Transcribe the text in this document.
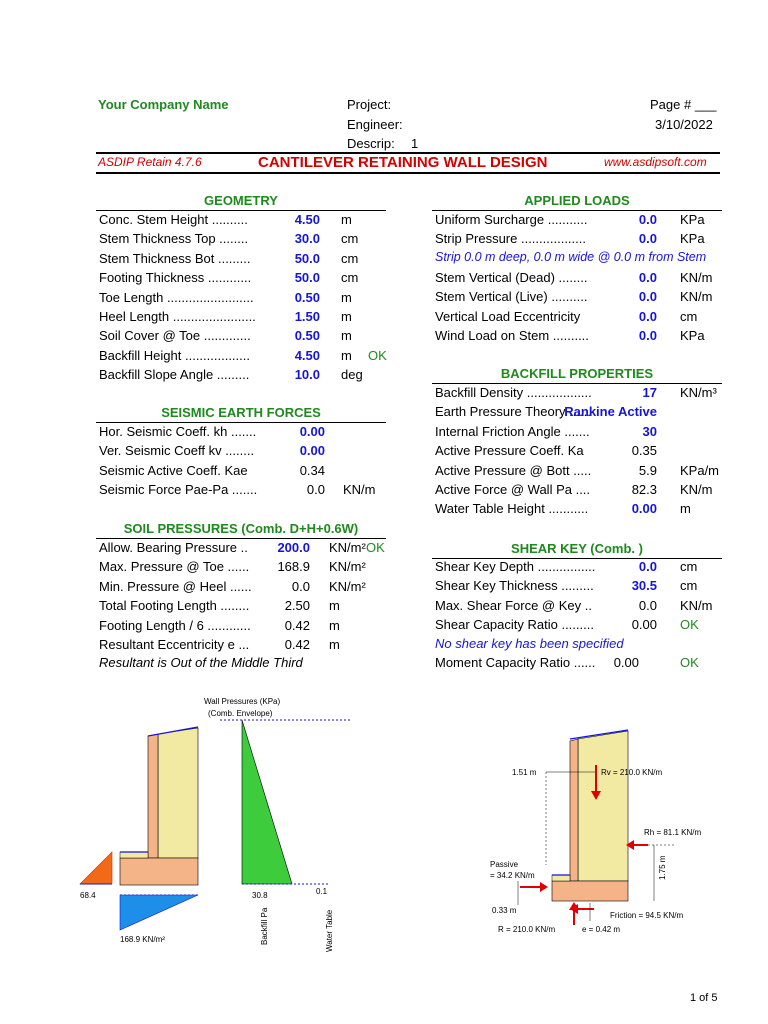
Your Company Name	Project:
Engineer:
Descrip: 1
Page # ___
3/10/2022
ASDIP Retain 4.7.6	CANTILEVER RETAINING WALL DESIGN	www.asdipsoft.com
GEOMETRY
Conc. Stem Height ..........	4.50 m
Stem Thickness Top ........	30.0 cm
Stem Thickness Bot .........	50.0 cm
Footing Thickness ............	50.0 cm
Toe Length ........................	0.50 m
Heel Length .......................	1.50 m
Soil Cover @ Toe .............	0.50 m
Backfill Height ..................	4.50 m OK
Backfill Slope Angle .........	10.0 deg
SEISMIC EARTH FORCES
Hor. Seismic Coeff. kh .......	0.00
Ver. Seismic Coeff kv ........	0.00
Seismic Active Coeff. Kae	0.34
Seismic Force Pae-Pa .......	0.0 KN/m
SOIL PRESSURES (Comb. D+H+0.6W)
Allow. Bearing Pressure .. 200.0 KN/m² OK
Max. Pressure @ Toe ...... 168.9 KN/m²
Min. Pressure @ Heel ......	0.0 KN/m²
Total Footing Length ........	2.50 m
Footing Length / 6 ............	0.42 m
Resultant Eccentricity e ...	0.42 m
Resultant is Out of the Middle Third
APPLIED LOADS
Uniform Surcharge ...........	0.0 KPa
Strip Pressure ..................	0.0 KPa
Strip 0.0 m deep, 0.0 m wide @ 0.0 m from Stem
Stem Vertical (Dead) ........	0.0 KN/m
Stem Vertical (Live) ..........	0.0 KN/m
Vertical Load Eccentricity	0.0 cm
Wind Load on Stem ..........	0.0 KPa
BACKFILL PROPERTIES
Backfill Density ..................	17 KN/m³
Earth Pressure Theory ......
Rankine Active
Internal Friction Angle .......	30
Active Pressure Coeff. Ka	0.35
Active Pressure @ Bott .....	5.9 KPa/m
Active Force @ Wall Pa ....	82.3 KN/m
Water Table Height ...........	0.00 m
SHEAR KEY (Comb. )
Shear Key Depth ................	0.0 cm
Shear Key Thickness .........	30.5 cm
Max. Shear Force @ Key ..	0.0 KN/m
Shear Capacity Ratio .........	0.00 OK
No shear key has been specified
Moment Capacity Ratio ...... 0.00	OK
Wall Pressures (KPa)
(Comb. Envelope)
68.4
168.9 KN/m²
30.8	0.1
Backfill Pa	Water Table
1.51 m	Rv = 210.0 KN/m
Rh = 81.1 KN/m
1.75 m
Passive
= 34.2 KN/m
0.33 m
Friction = 94.5 KN/m
R = 210.0 KN/m	e = 0.42 m
1 of 5
